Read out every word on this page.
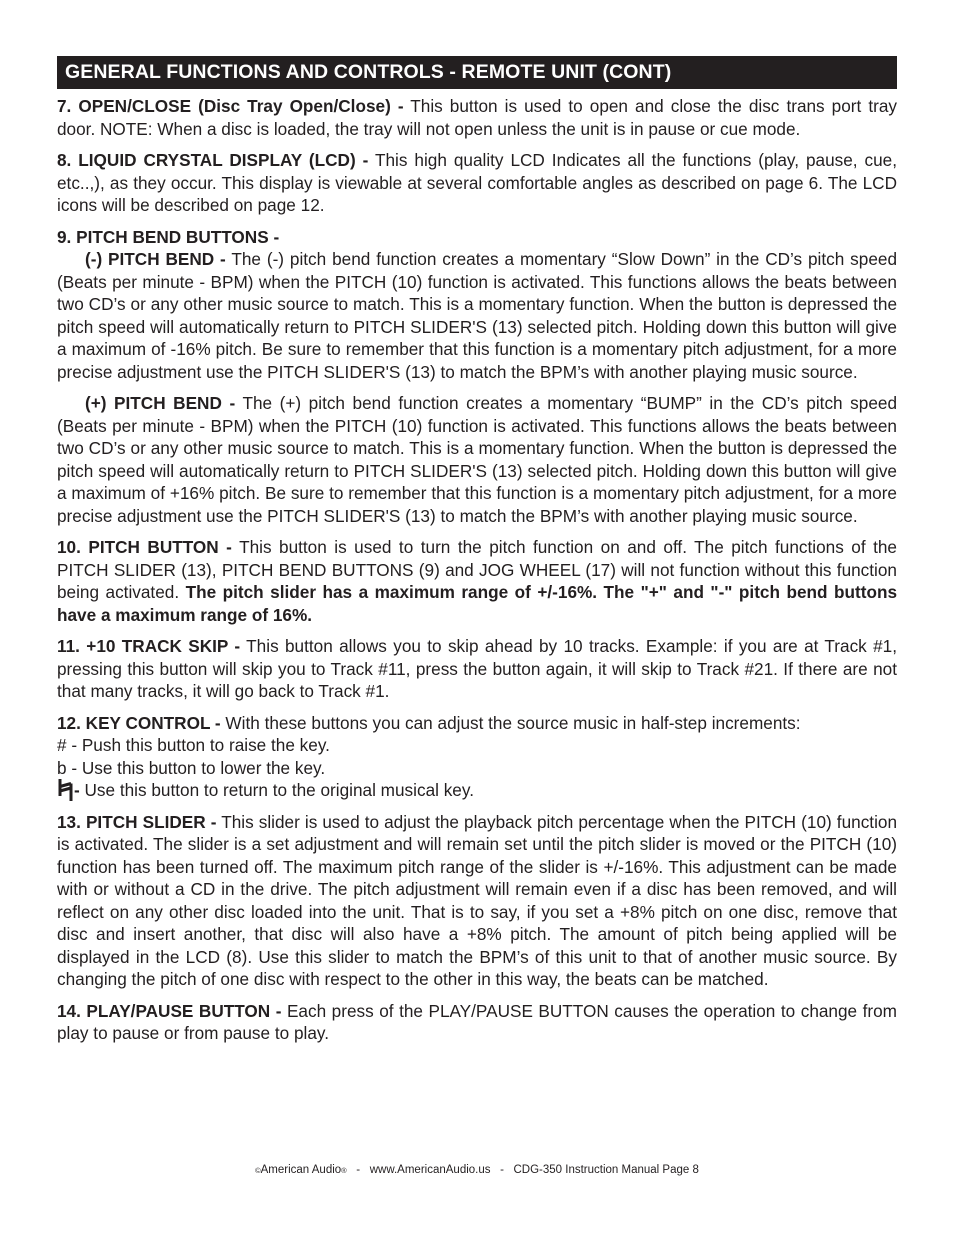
GENERAL FUNCTIONS AND CONTROLS - REMOTE UNIT (CONT)

7. OPEN/CLOSE (Disc Tray Open/Close) - This button is used to open and close the disc trans port tray door. NOTE: When a disc is loaded, the tray will not open unless the unit is in pause or cue mode.

8. LIQUID CRYSTAL DISPLAY (LCD) - This high quality LCD Indicates all the functions (play, pause, cue, etc..,), as they occur. This display is viewable at several comfortable angles as described on page 6. The LCD icons will be described on page 12.

9. PITCH BEND BUTTONS -

(-) PITCH BEND - The (-) pitch bend function creates a momentary “Slow Down” in the CD’s pitch speed (Beats per minute - BPM) when the PITCH (10) function is activated. This functions allows the beats between two CD’s or any other music source to match. This is a momentary function. When the button is depressed the pitch speed will automatically return to PITCH SLIDER'S (13) selected pitch. Holding down this button will give a maximum of -16% pitch. Be sure to remember that this function is a momentary pitch adjustment, for a more precise adjustment use the PITCH SLIDER'S (13) to match the BPM’s with another playing music source.

(+) PITCH BEND - The (+) pitch bend function creates a momentary “BUMP” in the CD’s pitch speed (Beats per minute - BPM) when the PITCH (10) function is activated. This functions allows the beats between two CD’s or any other music source to match. This is a momentary function. When the button is depressed the pitch speed will automatically return to PITCH SLIDER'S (13) selected pitch. Holding down this button will give a maximum of +16% pitch. Be sure to remember that this function is a momentary pitch adjustment, for a more precise adjustment use the PITCH SLIDER'S (13) to match the BPM’s with another playing music source.

10. PITCH BUTTON - This button is used to turn the pitch function on and off. The pitch functions of the PITCH SLIDER (13), PITCH BEND BUTTONS (9) and JOG WHEEL (17) will not function without this function being activated. The pitch slider has a maximum range of +/-16%. The "+" and "-" pitch bend buttons have a maximum range of 16%.

11. +10 TRACK SKIP - This button allows you to skip ahead by 10 tracks. Example: if you are at Track #1, pressing this button will skip you to Track #11, press the button again, it will skip to Track #21. If there are not that many tracks, it will go back to Track #1.

12. KEY CONTROL - With these buttons you can adjust the source music in half-step increments:
# - Push this button to raise the key.
b - Use this button to lower the key.
- Use this button to return to the original musical key.

13. PITCH SLIDER - This slider is used to adjust the playback pitch percentage when the PITCH (10) function is activated. The slider is a set adjustment and will remain set until the pitch slider is moved or the PITCH (10) function has been turned off. The maximum pitch range of the slider is +/-16%. This adjustment can be made with or without a CD in the drive. The pitch adjustment will remain even if a disc has been removed, and will reflect on any other disc loaded into the unit. That is to say, if you set a +8% pitch on one disc, remove that disc and insert another, that disc will also have a +8% pitch. The amount of pitch being applied will be displayed in the LCD (8). Use this slider to match the BPM’s of this unit to that of another music source. By changing the pitch of one disc with respect to the other in this way, the beats can be matched.

14. PLAY/PAUSE BUTTON - Each press of the PLAY/PAUSE BUTTON causes the operation to change from play to pause or from pause to play.

©American Audio®   -   www.AmericanAudio.us   -   CDG-350 Instruction Manual Page 8
